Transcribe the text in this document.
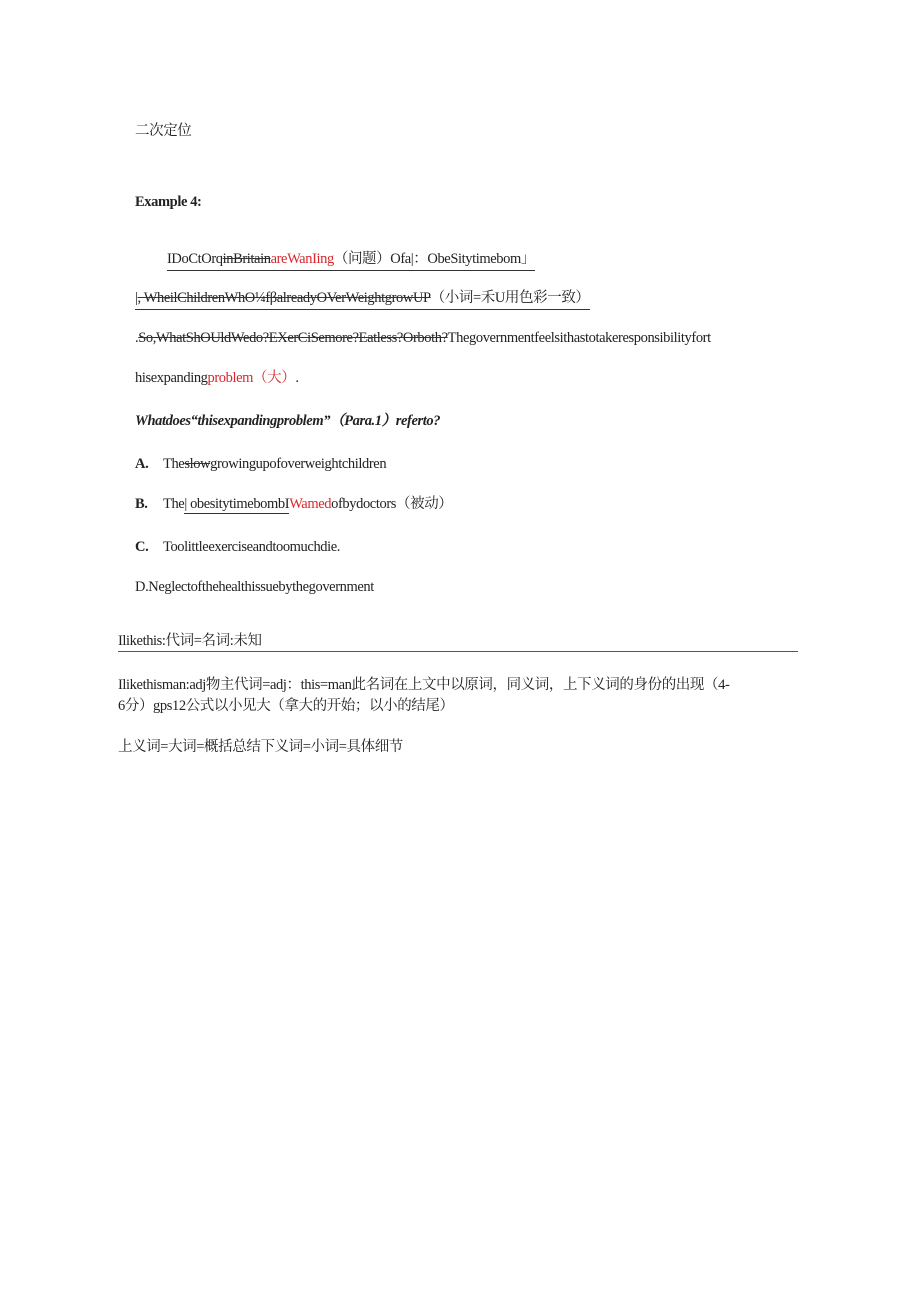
二次定位
Example 4:
IDoCtOrqinBritainareWanIing（问题）Ofa|：ObeSitytimebom」
|, WheilChildrenWhO¼fβalreadyOVerWeightgrowUP（小词=禾U用色彩一致）
.So,WhatShOUldWedo?EXerCiSemore?Eatless?Orboth?Thegovernmentfeelsithastotakeresponsibilityfort
hisexpandingproblem（大）.
Whatdoes“thisexpandingproblem”（Para.1）referto?
A. Theslowgrowingupofoverweightchildren
B. The| obesitytimebombIWamedofbydoctors（被动）
C. Toolittleexerciseandtoomuchdie.
D.Neglectofthehealthissuebythegovernment
Ilikethis:代词=名词:未知
Ilikethisman:adj物主代词=adj：this=man此名词在上文中以原词，同义词，上下义词的身份的出现（4-
6分）gps12公式以小见大（拿大的开始；以小的结尾）
上义词=大词=概括总结下义词=小词=具体细节
